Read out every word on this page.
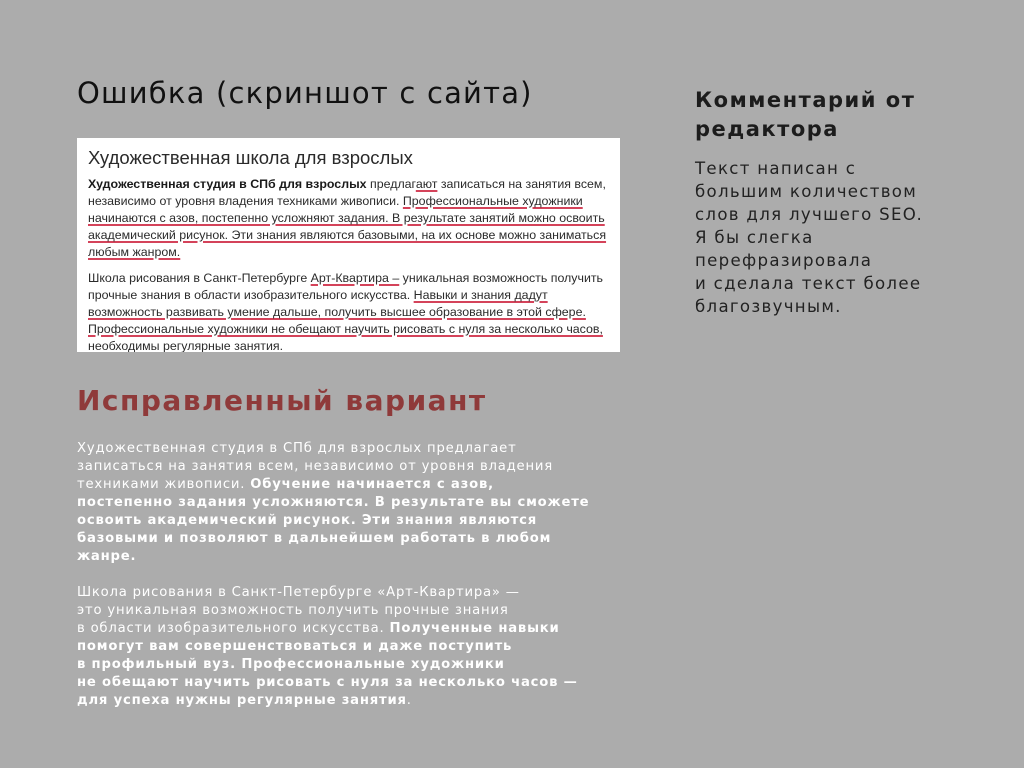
Ошибка (скриншот с сайта)
Художественная школа для взрослых

Художественная студия в СПб для взрослых предлагают записаться на занятия всем, независимо от уровня владения техниками живописи. Профессиональные художники начинаются с азов, постепенно усложняют задания. В результате занятий можно освоить академический рисунок. Эти знания являются базовыми, на их основе можно заниматься любым жанром.

Школа рисования в Санкт-Петербурге Арт-Квартира – уникальная возможность получить прочные знания в области изобразительного искусства. Навыки и знания дадут возможность развивать умение дальше, получить высшее образование в этой сфере. Профессиональные художники не обещают научить рисовать с нуля за несколько часов, необходимы регулярные занятия.

Исправленный вариант
Художественная студия в СПб для взрослых предлагает
записаться на занятия всем, независимо от уровня владения
техниками живописи. Обучение начинается с азов,
постепенно задания усложняются. В результате вы сможете
освоить академический рисунок. Эти знания являются
базовыми и позволяют в дальнейшем работать в любом
жанре.
Школа рисования в Санкт-Петербурге «Арт-Квартира» —
это уникальная возможность получить прочные знания
в области изобразительного искусства. Полученные навыки
помогут вам совершенствоваться и даже поступить
в профильный вуз. Профессиональные художники
не обещают научить рисовать с нуля за несколько часов —
для успеха нужны регулярные занятия.
Комментарий от
редактора
Текст написан с
большим количеством
слов для лучшего SEO.
Я бы слегка
перефразировала
и сделала текст более
благозвучным.
